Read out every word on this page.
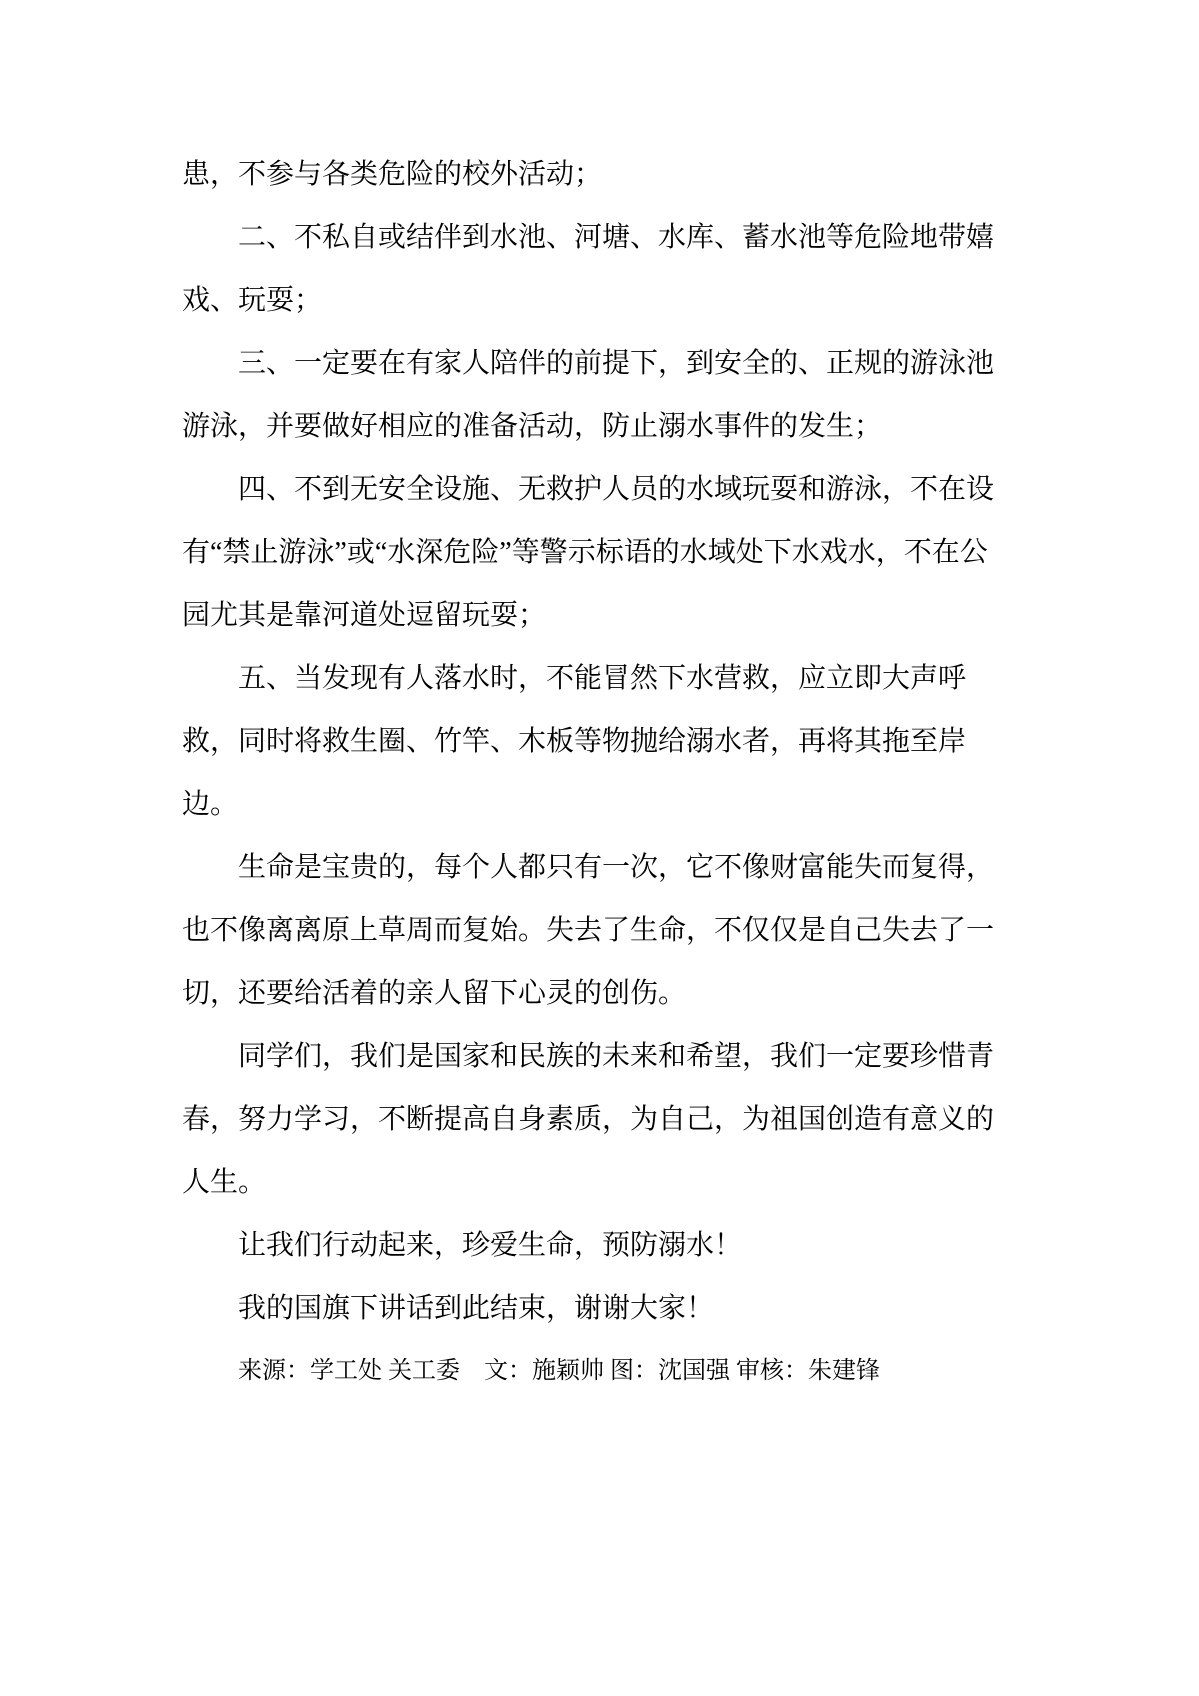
患，不参与各类危险的校外活动；

二、不私自或结伴到水池、河塘、水库、蓄水池等危险地带嬉戏、玩耍；

三、一定要在有家人陪伴的前提下，到安全的、正规的游泳池游泳，并要做好相应的准备活动，防止溺水事件的发生；

四、不到无安全设施、无救护人员的水域玩耍和游泳，不在设有“禁止游泳”或“水深危险”等警示标语的水域处下水戏水，不在公园尤其是靠河道处逗留玩耍；

五、当发现有人落水时，不能冒然下水营救，应立即大声呼救，同时将救生圈、竹竿、木板等物抛给溺水者，再将其拖至岸边。

生命是宝贵的，每个人都只有一次，它不像财富能失而复得，也不像离离原上草周而复始。失去了生命，不仅仅是自己失去了一切，还要给活着的亲人留下心灵的创伤。

同学们，我们是国家和民族的未来和希望，我们一定要珍惜青春，努力学习，不断提高自身素质，为自己，为祖国创造有意义的人生。

让我们行动起来，珍爱生命，预防溺水！

我的国旗下讲话到此结束，谢谢大家！

来源：学工处 关工委　文：施颖帅 图：沈国强 审核：朱建锋
